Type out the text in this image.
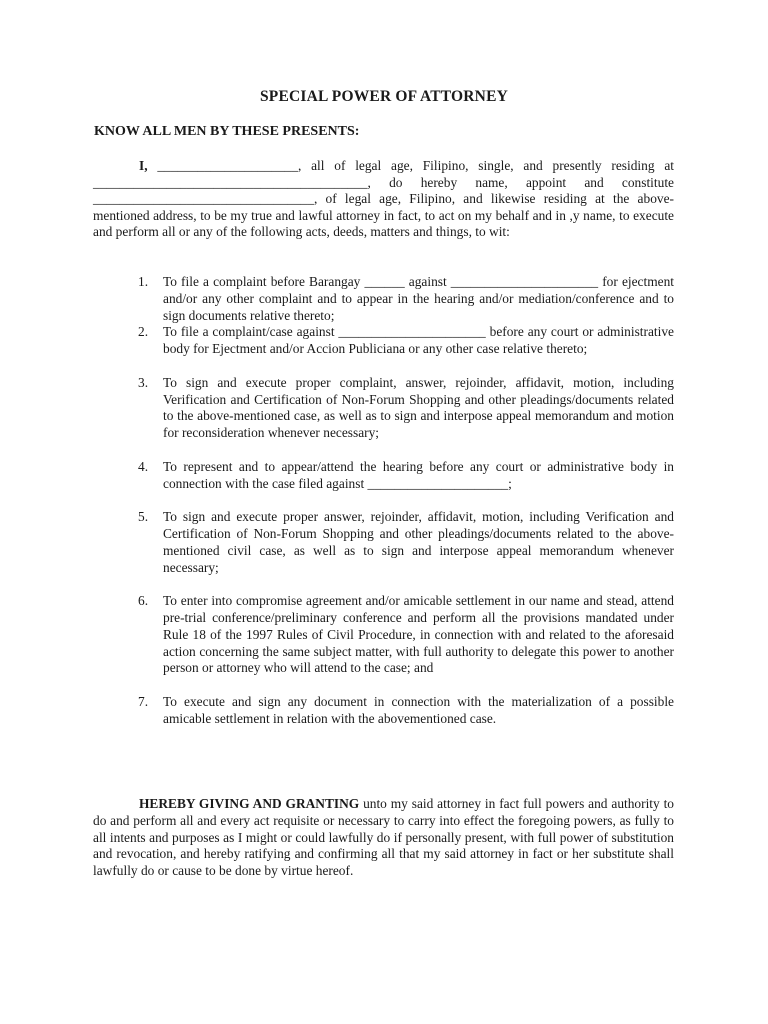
SPECIAL POWER OF ATTORNEY
KNOW ALL MEN BY THESE PRESENTS:

I, _____________________, all of legal age, Filipino, single, and presently residing at _________________________________________, do hereby name, appoint and constitute _________________________________, of legal age, Filipino, and likewise residing at the above-mentioned address, to be my true and lawful attorney in fact, to act on my behalf and in ,y name, to execute and perform all or any of the following acts, deeds, matters and things, to wit:

1. To file a complaint before Barangay ______ against ______________________ for ejectment and/or any other complaint and to appear in the hearing and/or mediation/conference and to sign documents relative thereto;
2. To file a complaint/case against ______________________ before any court or administrative body for Ejectment and/or Accion Publiciana or any other case relative thereto;
3. To sign and execute proper complaint, answer, rejoinder, affidavit, motion, including Verification and Certification of Non-Forum Shopping and other pleadings/documents related to the above-mentioned case, as well as to sign and interpose appeal memorandum and motion for reconsideration whenever necessary;
4. To represent and to appear/attend the hearing before any court or administrative body in connection with the case filed against _____________________;
5. To sign and execute proper answer, rejoinder, affidavit, motion, including Verification and Certification of Non-Forum Shopping and other pleadings/documents related to the above-mentioned civil case, as well as to sign and interpose appeal memorandum whenever necessary;
6. To enter into compromise agreement and/or amicable settlement in our name and stead, attend pre-trial conference/preliminary conference and perform all the provisions mandated under Rule 18 of the 1997 Rules of Civil Procedure, in connection with and related to the aforesaid action concerning the same subject matter, with full authority to delegate this power to another person or attorney who will attend to the case; and
7. To execute and sign any document in connection with the materialization of a possible amicable settlement in relation with the abovementioned case.

HEREBY GIVING AND GRANTING unto my said attorney in fact full powers and authority to do and perform all and every act requisite or necessary to carry into effect the foregoing powers, as fully to all intents and purposes as I might or could lawfully do if personally present, with full power of substitution and revocation, and hereby ratifying and confirming all that my said attorney in fact or her substitute shall lawfully do or cause to be done by virtue hereof.
